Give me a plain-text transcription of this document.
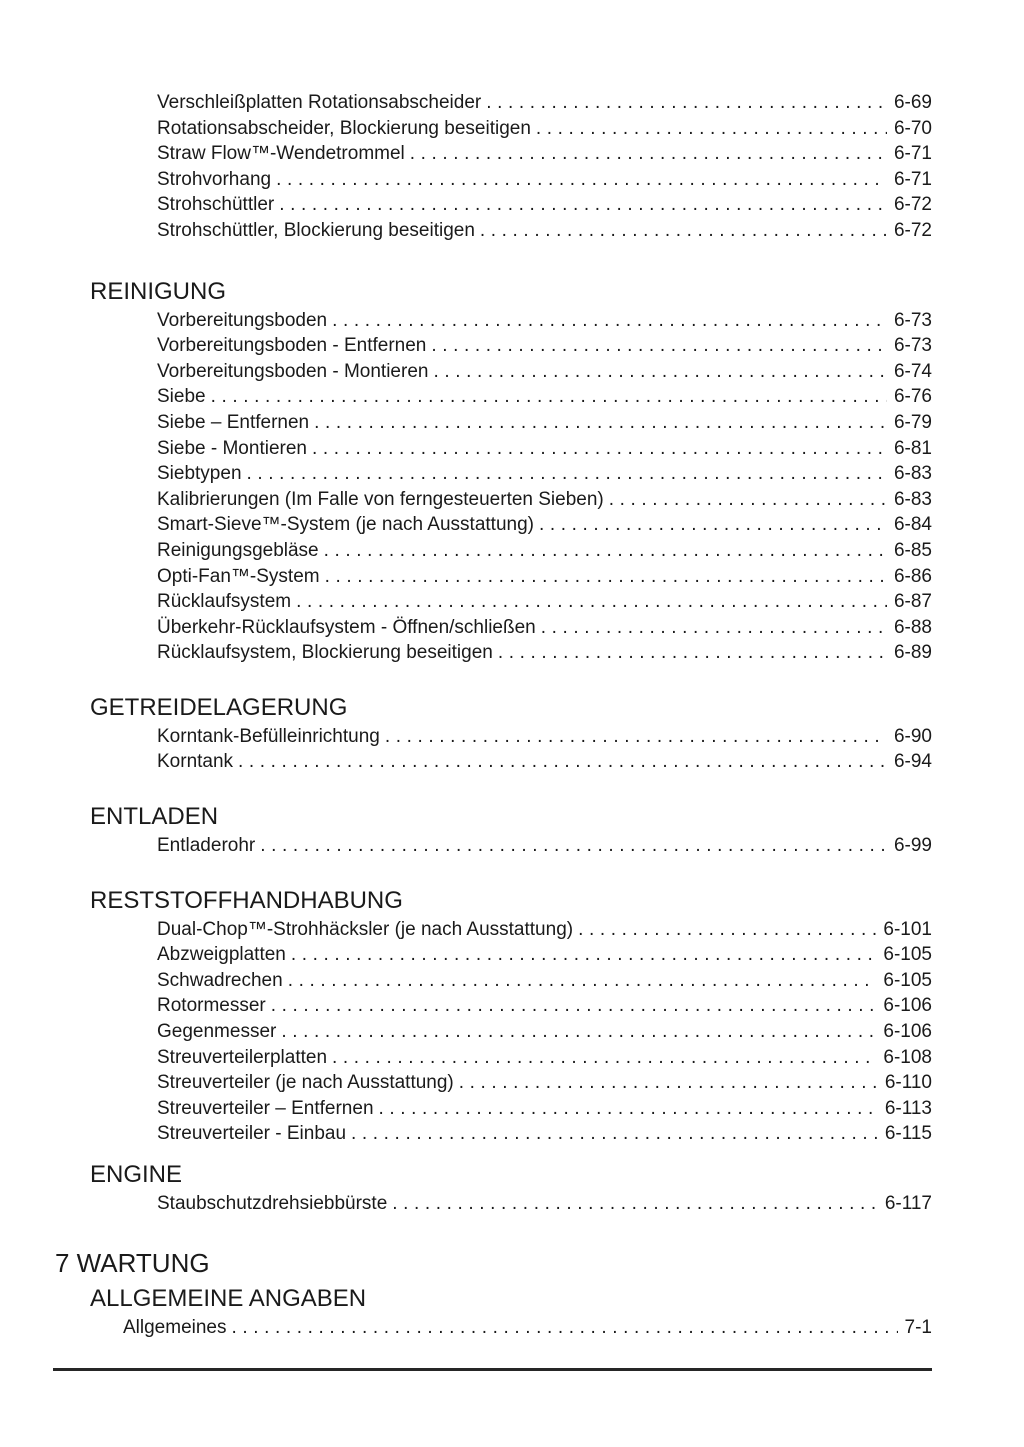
Verschleißplatten Rotationsabscheider .....	6-69
Rotationsabscheider, Blockierung beseitigen .....	6-70
Straw Flow™-Wendetrommel .....	6-71
Strohvorhang .....	6-71
Strohschüttler .....	6-72
Strohschüttler, Blockierung beseitigen .....	6-72
REINIGUNG
Vorbereitungsboden .....	6-73
Vorbereitungsboden - Entfernen .....	6-73
Vorbereitungsboden - Montieren .....	6-74
Siebe .....	6-76
Siebe – Entfernen .....	6-79
Siebe - Montieren .....	6-81
Siebtypen .....	6-83
Kalibrierungen (Im Falle von ferngesteuerten Sieben) .....	6-83
Smart-Sieve™-System (je nach Ausstattung) .....	6-84
Reinigungsgebläse .....	6-85
Opti-Fan™-System .....	6-86
Rücklaufsystem .....	6-87
Überkehr-Rücklaufsystem - Öffnen/schließen .....	6-88
Rücklaufsystem, Blockierung beseitigen .....	6-89
GETREIDELAGERUNG
Korntank-Befülleinrichtung .....	6-90
Korntank .....	6-94
ENTLADEN
Entladerohr .....	6-99
RESTSTOFFHANDHABUNG
Dual-Chop™-Strohhäcksler (je nach Ausstattung) .....	6-101
Abzweigplatten .....	6-105
Schwadrechen .....	6-105
Rotormesser .....	6-106
Gegenmesser .....	6-106
Streuverteilerplatten .....	6-108
Streuverteiler (je nach Ausstattung) .....	6-110
Streuverteiler – Entfernen .....	6-113
Streuverteiler - Einbau .....	6-115
ENGINE
Staubschutzdrehsiebbürste .....	6-117
7 WARTUNG
ALLGEMEINE ANGABEN
Allgemeines .....	7-1
